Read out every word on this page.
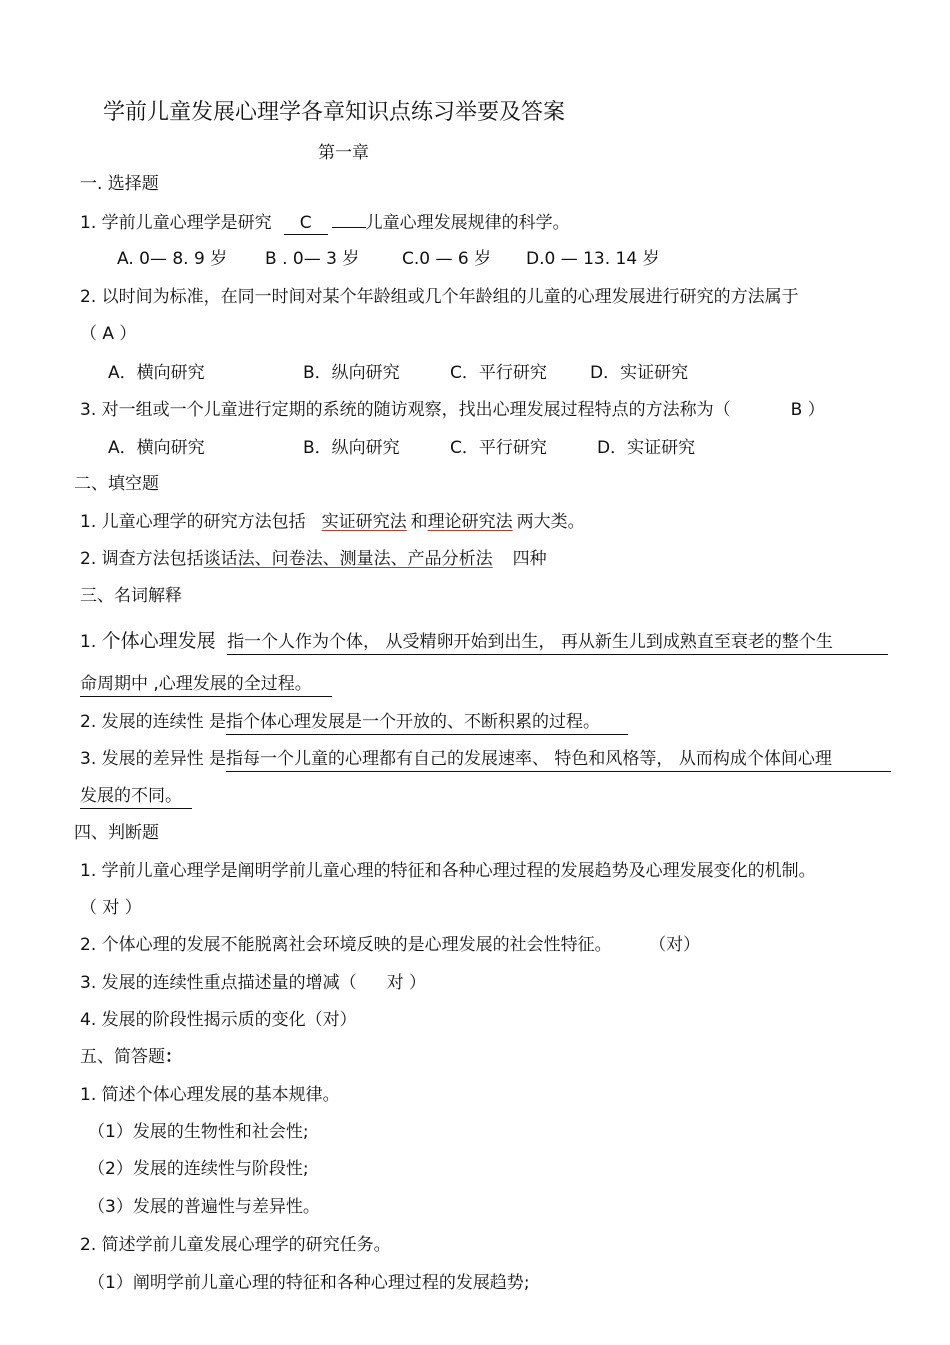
学前儿童发展心理学各章知识点练习举要及答案
第一章
一. 选择题
1. 学前儿童心理学是研究 C	儿童心理发展规律的科学。
A. 0— 8. 9 岁 B . 0— 3 岁	C.0 — 6 岁 D.0 — 13. 14 岁
2. 以时间为标准，在同一时间对某个年龄组或几个年龄组的儿童的心理发展进行研究的方法属于
（ A ）
A．横向研究	B．纵向研究	C．平行研究	D．实证研究
3. 对一组或一个儿童进行定期的系统的随访观察，找出心理发展过程特点的方法称为（	B ）
A．横向研究	B．纵向研究	C．平行研究	D．实证研究
二、填空题
1. 儿童心理学的研究方法包括 实证研究法 和理论研究法 两大类。
2. 调查方法包括谈话法、问卷法、测量法、产品分析法 四种
三、名词解释
1. 个体心理发展 指一个人作为个体， 从受精卵开始到出生， 再从新生儿到成熟直至衰老的整个生
命周期中 ,心理发展的全过程。
2. 发展的连续性 是指个体心理发展是一个开放的、不断积累的过程。
3. 发展的差异性 是指每一个儿童的心理都有自己的发展速率、 特色和风格等， 从而构成个体间心理
发展的不同。
四、判断题
1. 学前儿童心理学是阐明学前儿童心理的特征和各种心理过程的发展趋势及心理发展变化的机制。
（ 对 ）
2. 个体心理的发展不能脱离社会环境反映的是心理发展的社会性特征。	（对）
3. 发展的连续性重点描述量的增减（ 对 ）
4. 发展的阶段性揭示质的变化（对）
五、简答题：
1. 简述个体心理发展的基本规律。
（1）发展的生物性和社会性;
（2）发展的连续性与阶段性;
（3）发展的普遍性与差异性。
2. 简述学前儿童发展心理学的研究任务。
（1）阐明学前儿童心理的特征和各种心理过程的发展趋势;
